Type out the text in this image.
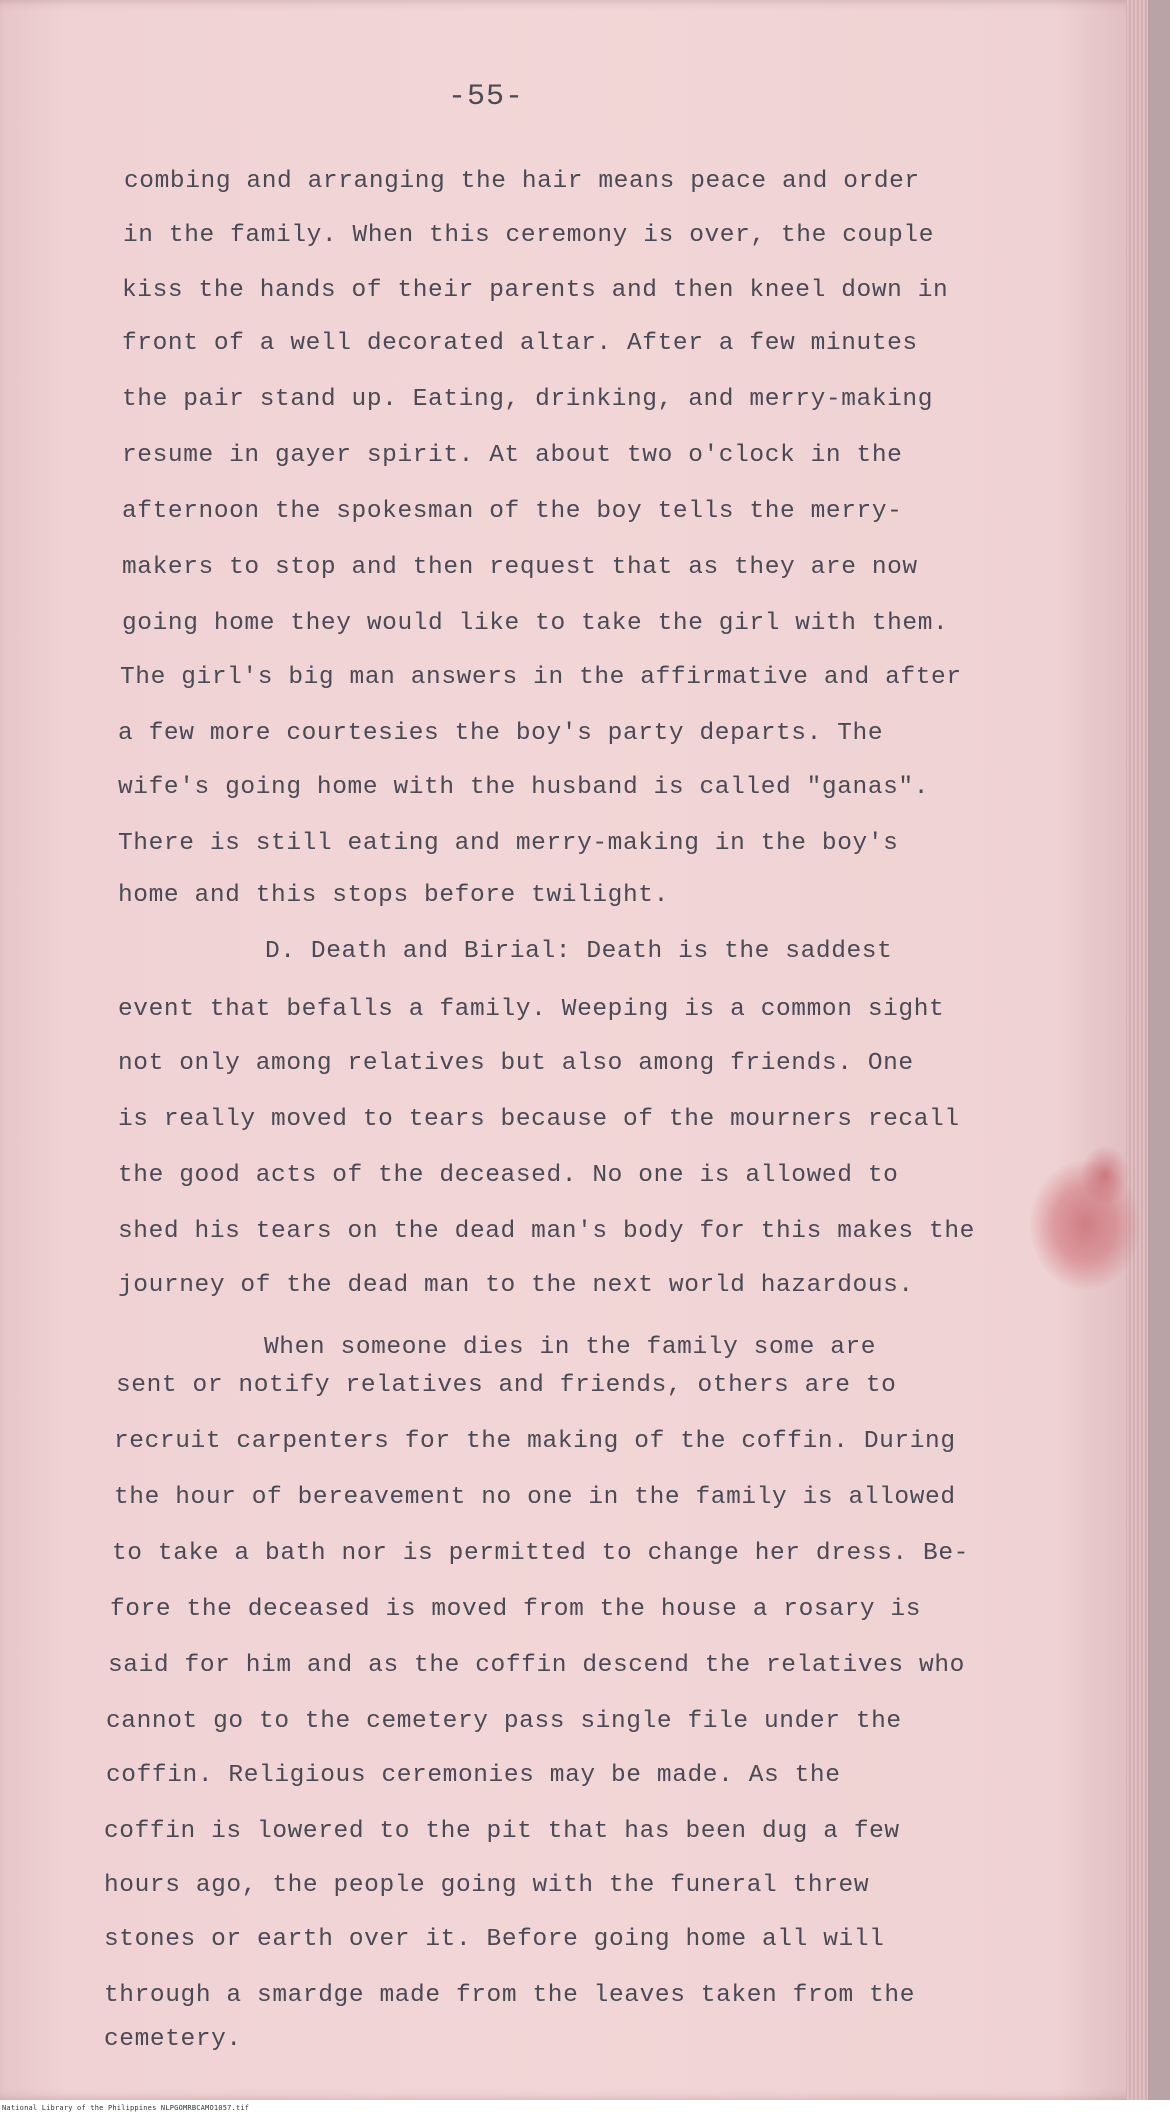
-55-
combing and arranging the hair means peace and order
in the family. When this ceremony is over, the couple
kiss the hands of their parents and then kneel down in
front of a well decorated altar. After a few minutes
the pair stand up. Eating, drinking, and merry-making
resume in gayer spirit. At about two o'clock in the
afternoon the spokesman of the boy tells the merry-
makers to stop and then request that as they are now
going home they would like to take the girl with them.
The girl's big man answers in the affirmative and after
a few more courtesies the boy's party departs. The
wife's going home with the husband is called "ganas".
There is still eating and merry-making in the boy's
home and this stops before twilight.
D. Death and Birial: Death is the saddest
event that befalls a family. Weeping is a common sight
not only among relatives but also among friends. One
is really moved to tears because of the mourners recall
the good acts of the deceased. No one is allowed to
shed his tears on the dead man's body for this makes the
journey of the dead man to the next world hazardous.
When someone dies in the family some are
sent or notify relatives and friends, others are to
recruit carpenters for the making of the coffin. During
the hour of bereavement no one in the family is allowed
to take a bath nor is permitted to change her dress. Be-
fore the deceased is moved from the house a rosary is
said for him and as the coffin descend the relatives who
cannot go to the cemetery pass single file under the
coffin. Religious ceremonies may be made. As the
coffin is lowered to the pit that has been dug a few
hours ago, the people going with the funeral threw
stones or earth over it. Before going home all will
through a smardge made from the leaves taken from the
cemetery.
National Library of the Philippines NLPGOMRBCAMO1057.tif
